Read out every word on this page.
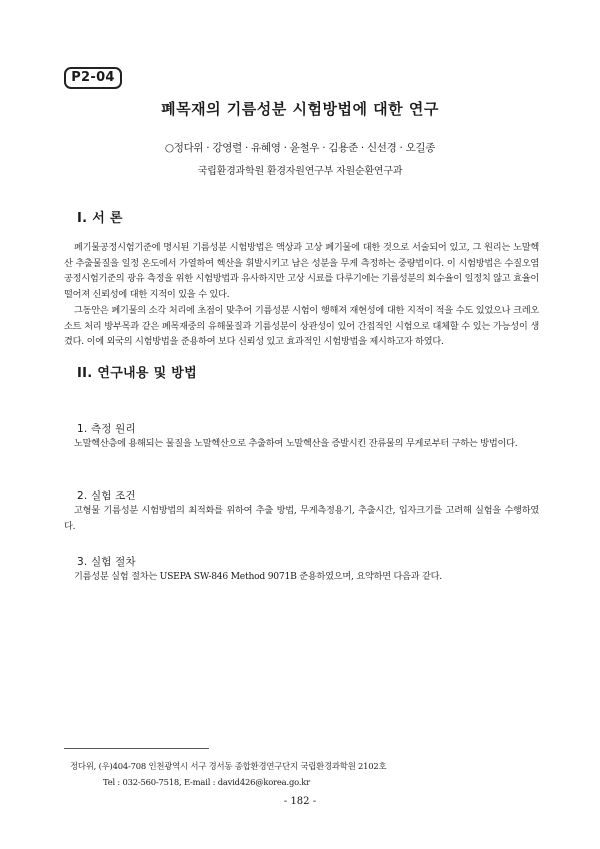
P2-04
폐목재의 기름성분 시험방법에 대한 연구
○정다위 · 강영렬 · 유혜영 · 윤철우 · 김용준 · 신선경 · 오길종
국립환경과학원 환경자원연구부 자원순환연구과
I. 서 론

폐기물공정시험기준에 명시된 기름성분 시험방법은 액상과 고상 폐기물에 대한 것으로 서술되어 있고, 그 원리는 노말헥산 추출물질을 일정 온도에서 가열하여 헥산을 휘발시키고 남은 성분을 무게 측정하는 중량법이다. 이 시험방법은 수질오염공정시험기준의 광유 측정을 위한 시험방법과 유사하지만 고상 시료를 다루기에는 기름성분의 회수율이 일정치 않고 효율이 떨어져 신뢰성에 대한 지적이 있을 수 있다.

그동안은 폐기물의 소각 처리에 초점이 맞추어 기름성분 시험이 행해져 재현성에 대한 지적이 적을 수도 있었으나 크레오소트 처리 방부목과 같은 폐목재중의 유해물질과 기름성분이 상관성이 있어 간접적인 시험으로 대체할 수 있는 가능성이 생겼다. 이에 외국의 시험방법을 준용하여 보다 신뢰성 있고 효과적인 시험방법을 제시하고자 하였다.

II. 연구내용 및 방법
1. 측정 원리

노말헥산층에 용해되는 물질을 노말헥산으로 추출하여 노말헥산을 증발시킨 잔류물의 무게로부터 구하는 방법이다.

2. 실험 조건

고형물 기름성분 시험방법의 최적화를 위하여 추출 방법, 무게측정용기, 추출시간, 입자크기를 고려해 실험을 수행하였다.

3. 실험 절차

기름성분 실험 절차는 USEPA SW-846 Method 9071B 준용하였으며, 요약하면 다음과 같다.

정다위, (우)404-708 인천광역시 서구 경서동 종합환경연구단지 국립환경과학원 2102호
Tel : 032-560-7518, E-mail : david426@korea.go.kr
- 182 -
